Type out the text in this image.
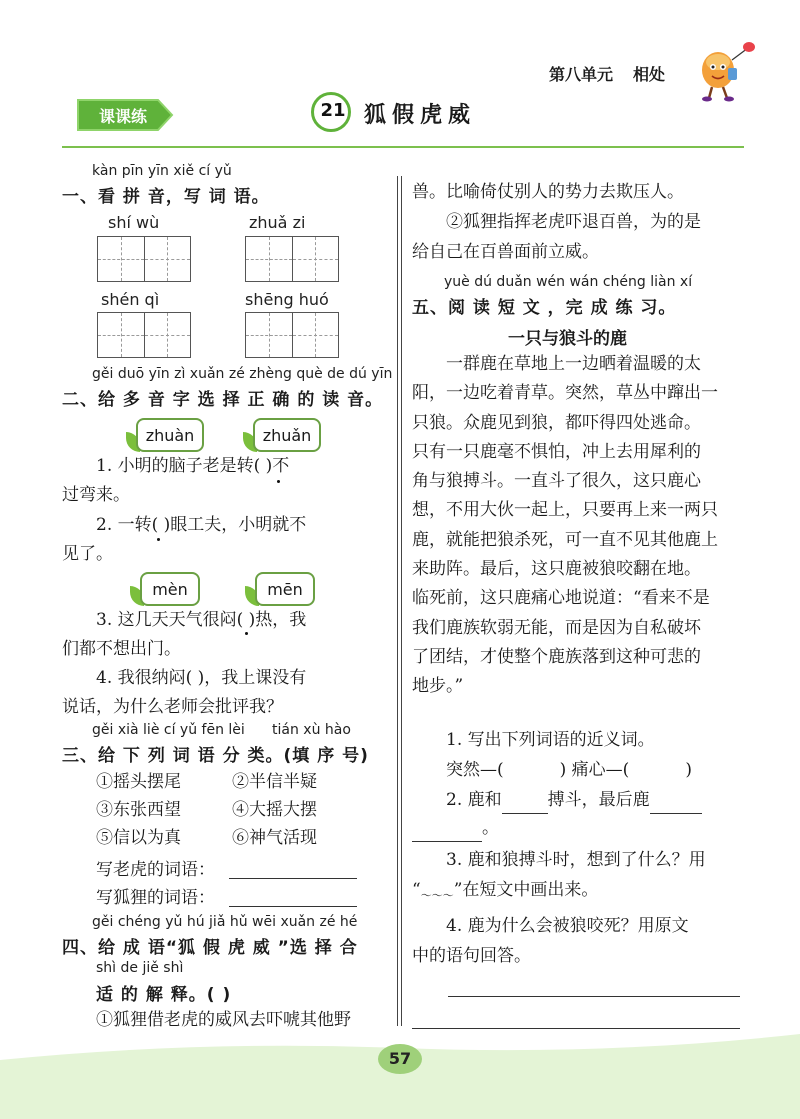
第八单元 相处
课课练	21 狐假虎威
kàn pīn yīn xiě cí yǔ
一、看 拼 音，写 词 语。
shí wù	zhuǎ zi
shén qì	shēng huó
gěi duō yīn zì xuǎn zé zhèng què de dú yīn
二、给 多 音 字 选 择 正 确 的 读 音。
zhuàn	zhuǎn
1. 小明的脑子老是转( )不
过弯来。
2. 一转( )眼工夫，小明就不
见了。
mèn	mēn
3. 这几天天气很闷( )热，我
们都不想出门。
4. 我很纳闷( )，我上课没有
说话，为什么老师会批评我？
gěi xià liè cí yǔ fēn lèi tián xù hào
三、给 下 列 词 语 分 类。(填 序 号)
①摇头摆尾	②半信半疑
③东张西望	④大摇大摆
⑤信以为真	⑥神气活现
写老虎的词语：
写狐狸的词语：
gěi chéng yǔ hú jiǎ hǔ wēi xuǎn zé hé
四、给 成 语“狐 假 虎 威 ”选 择 合
shì de jiě shì
适 的 解 释。( )
①狐狸借老虎的威风去吓唬其他野
兽。比喻倚仗别人的势力去欺压人。
②狐狸指挥老虎吓退百兽，为的是
给自己在百兽面前立威。
yuè dú duǎn wén wán chéng liàn xí
五、阅 读 短 文 ，完 成 练 习。
一只与狼斗的鹿
一群鹿在草地上一边晒着温暖的太
阳，一边吃着青草。突然，草丛中蹿出一
只狼。众鹿见到狼，都吓得四处逃命。
只有一只鹿毫不惧怕，冲上去用犀利的
角与狼搏斗。一直斗了很久，这只鹿心
想，不用大伙一起上，只要再上来一两只
鹿，就能把狼杀死，可一直不见其他鹿上
来助阵。最后，这只鹿被狼咬翻在地。
临死前，这只鹿痛心地说道：“看来不是
我们鹿族软弱无能，而是因为自私破坏
了团结，才使整个鹿族落到这种可悲的
地步。”
1. 写出下列词语的近义词。
突然—(	) 痛心—(	)
2. 鹿和	搏斗，最后鹿
。
3. 鹿和狼搏斗时，想到了什么？用
“$_{\sim\sim\sim}$”在短文中画出来。
4. 鹿为什么会被狼咬死？用原文
中的语句回答。
57
